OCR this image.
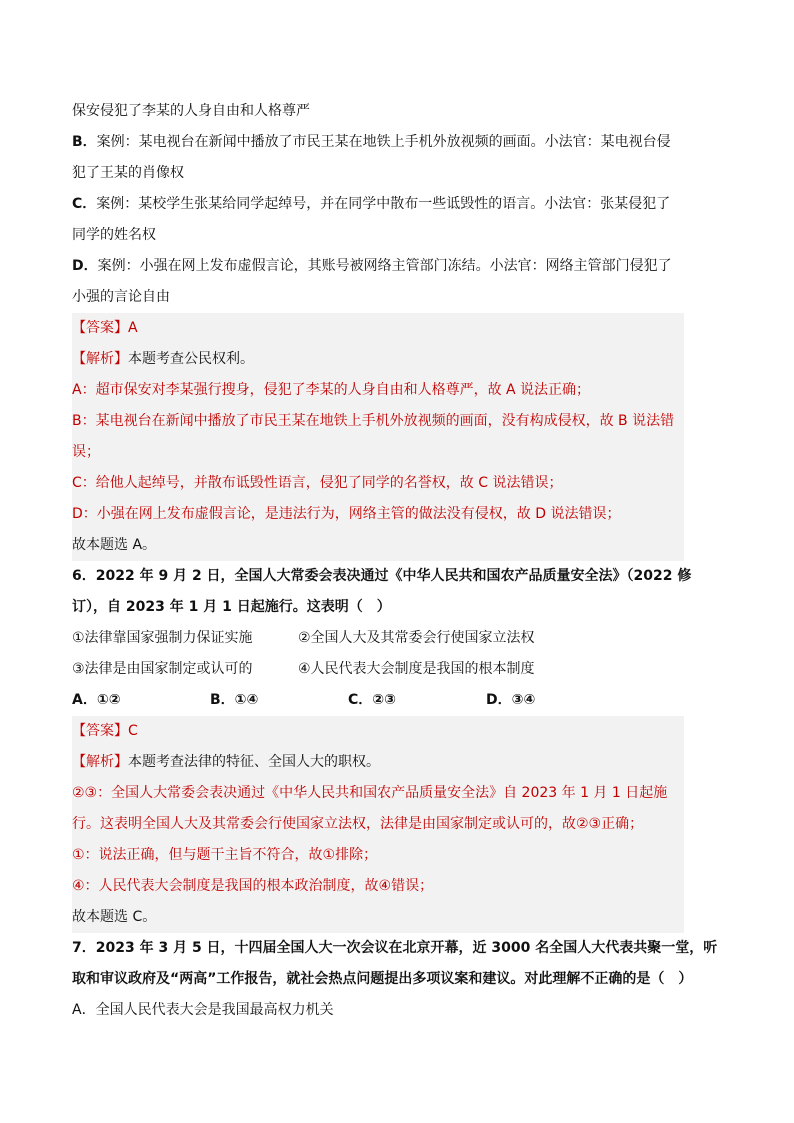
保安侵犯了李某的人身自由和人格尊严
B．案例：某电视台在新闻中播放了市民王某在地铁上手机外放视频的画面。小法官：某电视台侵
犯了王某的肖像权
C．案例：某校学生张某给同学起绰号，并在同学中散布一些诋毁性的语言。小法官：张某侵犯了
同学的姓名权
D．案例：小强在网上发布虚假言论，其账号被网络主管部门冻结。小法官：网络主管部门侵犯了
小强的言论自由
【答案】A
【解析】本题考查公民权利。
A：超市保安对李某强行搜身，侵犯了李某的人身自由和人格尊严，故 A 说法正确；
B：某电视台在新闻中播放了市民王某在地铁上手机外放视频的画面，没有构成侵权，故 B 说法错
误；
C：给他人起绰号，并散布诋毁性语言，侵犯了同学的名誉权，故 C 说法错误；
D：小强在网上发布虚假言论，是违法行为，网络主管的做法没有侵权，故 D 说法错误；
故本题选 A。
6．2022 年 9 月 2 日，全国人大常委会表决通过《中华人民共和国农产品质量安全法》（2022 修
订），自 2023 年 1 月 1 日起施行。这表明（　）
①法律靠国家强制力保证实施	②全国人大及其常委会行使国家立法权
③法律是由国家制定或认可的	④人民代表大会制度是我国的根本制度
A．①②	B．①④	C．②③	D．③④
【答案】C
【解析】本题考查法律的特征、全国人大的职权。
②③：全国人大常委会表决通过《中华人民共和国农产品质量安全法》自 2023 年 1 月 1 日起施
行。这表明全国人大及其常委会行使国家立法权，法律是由国家制定或认可的，故②③正确；
①：说法正确，但与题干主旨不符合，故①排除；
④：人民代表大会制度是我国的根本政治制度，故④错误；
故本题选 C。
7．2023 年 3 月 5 日，十四届全国人大一次会议在北京开幕，近 3000 名全国人大代表共聚一堂，听
取和审议政府及“两高”工作报告，就社会热点问题提出多项议案和建议。对此理解不正确的是（　）
A．全国人民代表大会是我国最高权力机关
